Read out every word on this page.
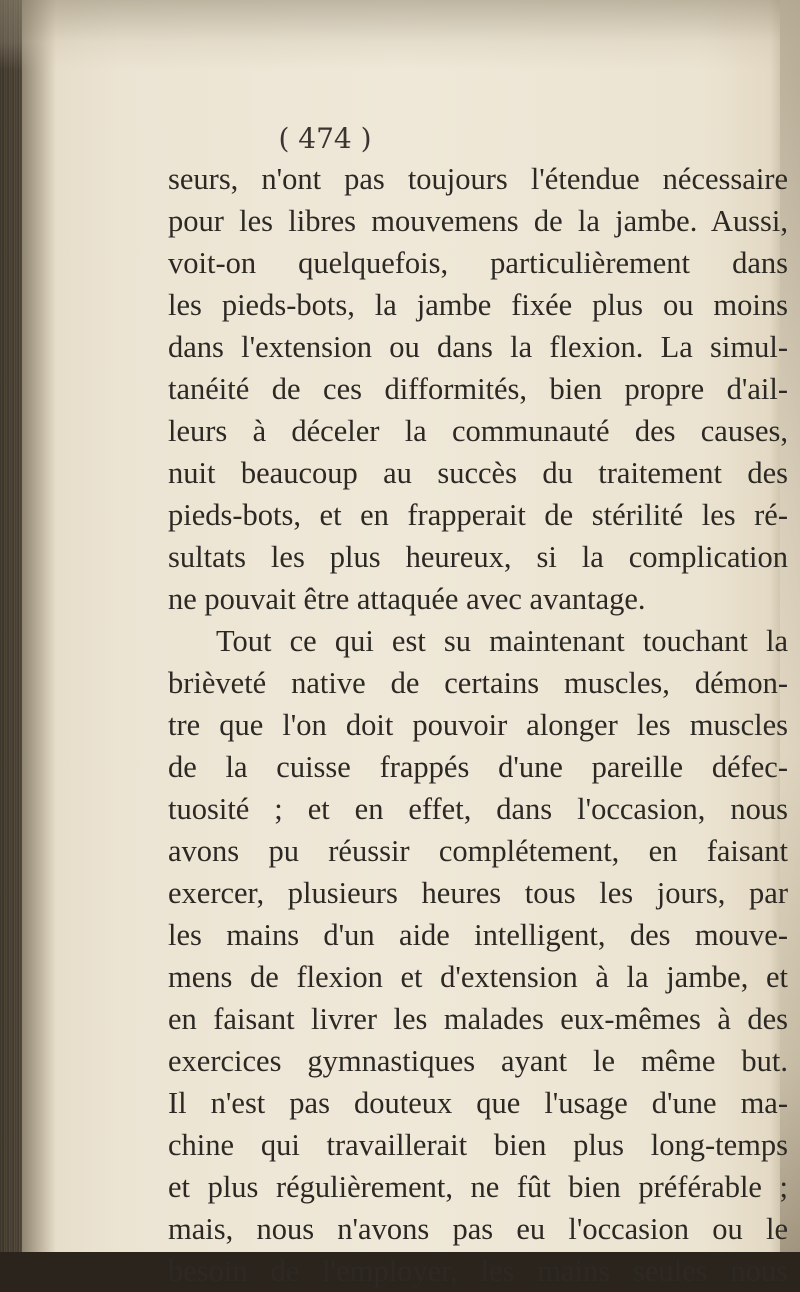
( 474 )
seurs, n'ont pas toujours l'étendue nécessaire
pour les libres mouvemens de la jambe. Aussi,
voit-on quelquefois, particulièrement dans
les pieds-bots, la jambe fixée plus ou moins
dans l'extension ou dans la flexion. La simul-
tanéité de ces difformités, bien propre d'ail-
leurs à déceler la communauté des causes,
nuit beaucoup au succès du traitement des
pieds-bots, et en frapperait de stérilité les ré-
sultats les plus heureux, si la complication
ne pouvait être attaquée avec avantage.
Tout ce qui est su maintenant touchant la
brièveté native de certains muscles, démon-
tre que l'on doit pouvoir alonger les muscles
de la cuisse frappés d'une pareille défec-
tuosité ; et en effet, dans l'occasion, nous
avons pu réussir complétement, en faisant
exercer, plusieurs heures tous les jours, par
les mains d'un aide intelligent, des mouve-
mens de flexion et d'extension à la jambe, et
en faisant livrer les malades eux-mêmes à des
exercices gymnastiques ayant le même but.
Il n'est pas douteux que l'usage d'une ma-
chine qui travaillerait bien plus long-temps
et plus régulièrement, ne fût bien préférable ;
mais, nous n'avons pas eu l'occasion ou le
besoin de l'employer, les mains seules nous
